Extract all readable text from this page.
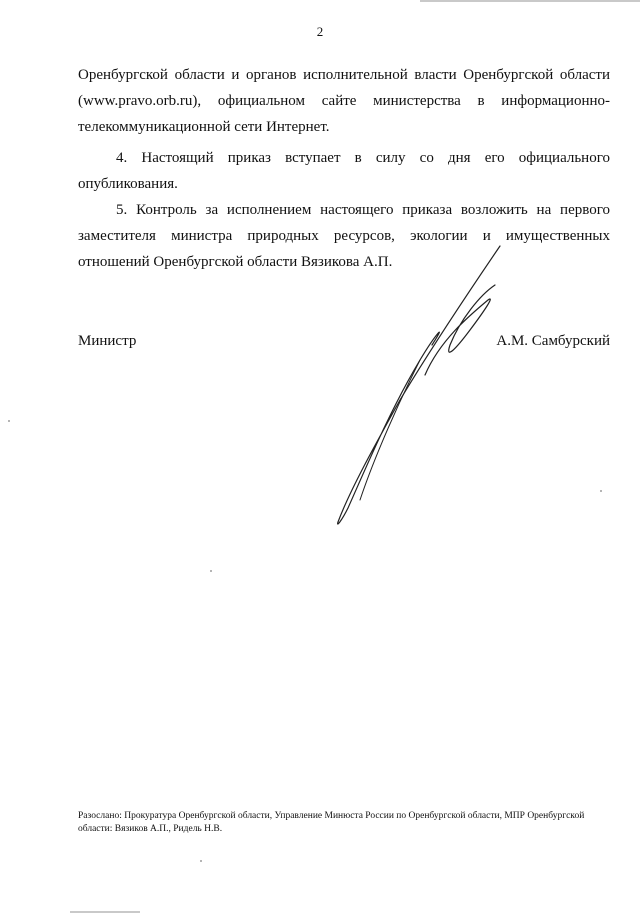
2
Оренбургской области и органов исполнительной власти Оренбургской области
(www.pravo.orb.ru), официальном сайте министерства в информационно-
телекоммуникационной сети Интернет.
4. Настоящий приказ вступает в силу со дня его официального
опубликования.
5. Контроль за исполнением настоящего приказа возложить на первого
заместителя министра природных ресурсов, экологии и имущественных
отношений Оренбургской области Вязикова А.П.
Министр	А.М. Самбурский
Разослано: Прокуратура Оренбургской области, Управление Минюста России по Оренбургской области, МПР Оренбургской
области: Вязиков А.П., Ридель Н.В.
